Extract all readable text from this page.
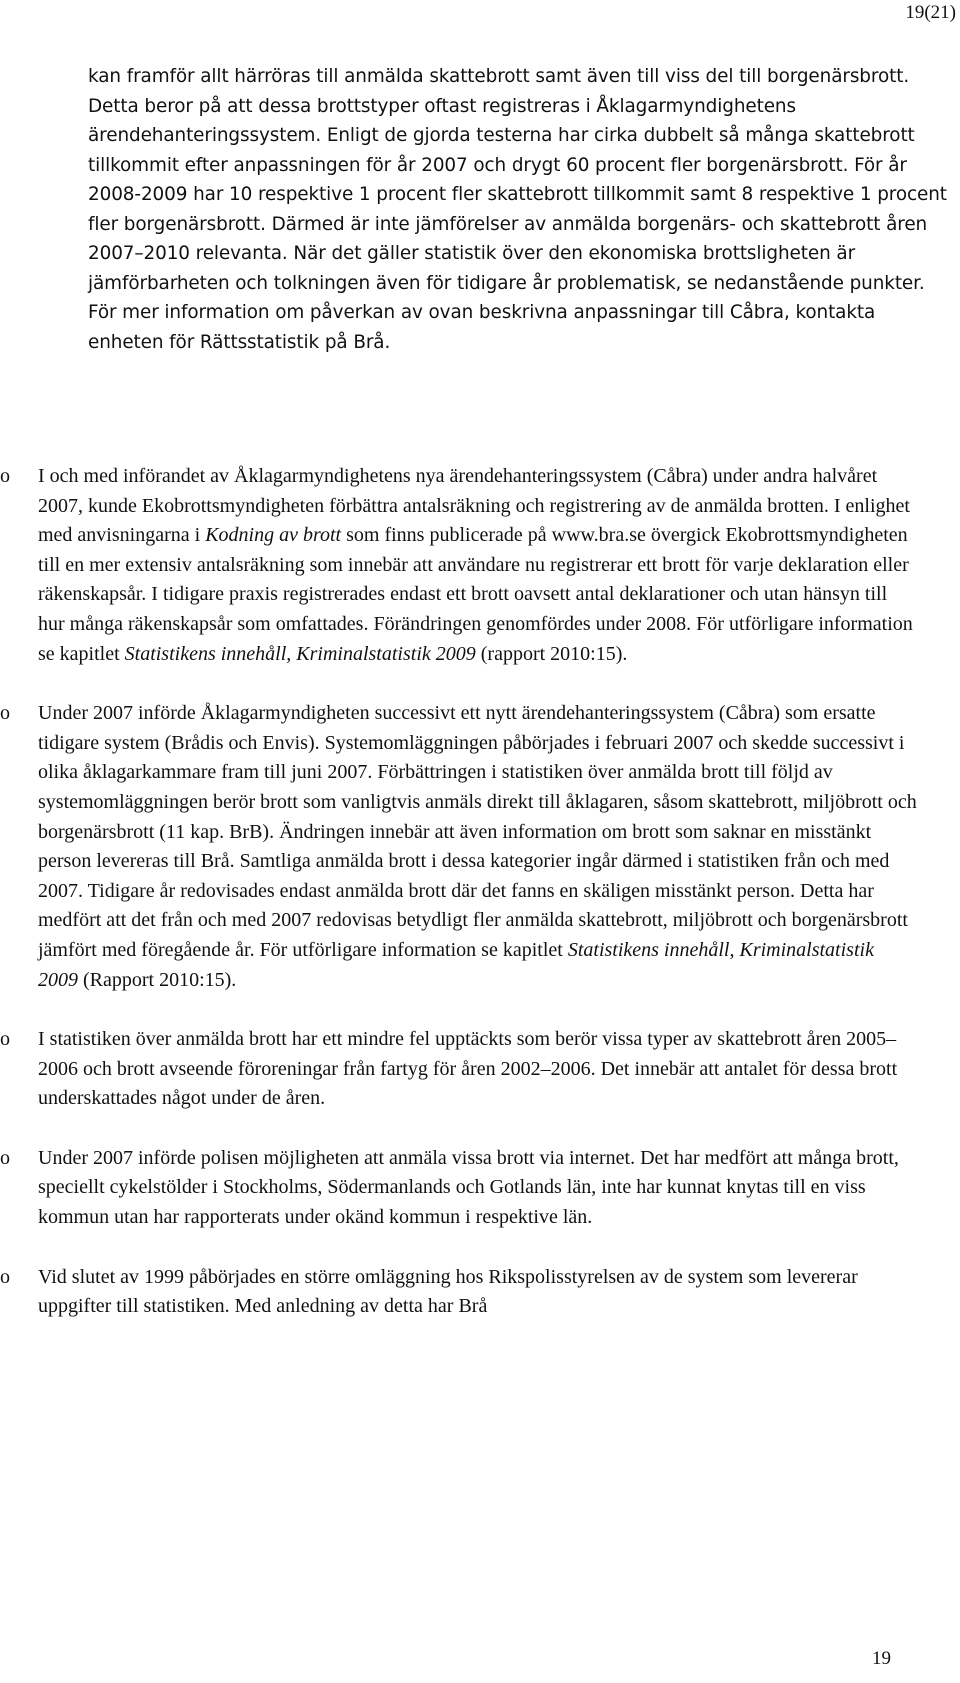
19(21)

kan framför allt härröras till anmälda skattebrott samt även till viss del till borgenärsbrott. Detta beror på att dessa brottstyper oftast registreras i Åklagarmyndighetens ärendehanteringssystem. Enligt de gjorda testerna har cirka dubbelt så många skattebrott tillkommit efter anpassningen för år 2007 och drygt 60 procent fler borgenärsbrott. För år 2008-2009 har 10 respektive 1 procent fler skattebrott tillkommit samt 8 respektive 1 procent fler borgenärsbrott. Därmed är inte jämförelser av anmälda borgenärs- och skattebrott åren 2007–2010 relevanta. När det gäller statistik över den ekonomiska brottsligheten är jämförbarheten och tolkningen även för tidigare år problematisk, se nedanstående punkter. För mer information om påverkan av ovan beskrivna anpassningar till Cåbra, kontakta enheten för Rättsstatistik på Brå.

o I och med införandet av Åklagarmyndighetens nya ärendehanteringssystem (Cåbra) under andra halvåret 2007, kunde Ekobrottsmyndigheten förbättra antalsräkning och registrering av de anmälda brotten. I enlighet med anvisningarna i Kodning av brott som finns publicerade på www.bra.se övergick Ekobrottsmyndigheten till en mer extensiv antalsräkning som innebär att användare nu registrerar ett brott för varje deklaration eller räkenskapsår. I tidigare praxis registrerades endast ett brott oavsett antal deklarationer och utan hänsyn till hur många räkenskapsår som omfattades. Förändringen genomfördes under 2008. För utförligare information se kapitlet Statistikens innehåll, Kriminalstatistik 2009 (rapport 2010:15).
o Under 2007 införde Åklagarmyndigheten successivt ett nytt ärendehanteringssystem (Cåbra) som ersatte tidigare system (Brådis och Envis). Systemomläggningen påbörjades i februari 2007 och skedde successivt i olika åklagarkammare fram till juni 2007. Förbättringen i statistiken över anmälda brott till följd av systemomläggningen berör brott som vanligtvis anmäls direkt till åklagaren, såsom skattebrott, miljöbrott och borgenärsbrott (11 kap. BrB). Ändringen innebär att även information om brott som saknar en misstänkt person levereras till Brå. Samtliga anmälda brott i dessa kategorier ingår därmed i statistiken från och med 2007. Tidigare år redovisades endast anmälda brott där det fanns en skäligen misstänkt person. Detta har medfört att det från och med 2007 redovisas betydligt fler anmälda skattebrott, miljöbrott och borgenärsbrott jämfört med föregående år. För utförligare information se kapitlet Statistikens innehåll, Kriminalstatistik 2009 (Rapport 2010:15).
o I statistiken över anmälda brott har ett mindre fel upptäckts som berör vissa typer av skattebrott åren 2005–2006 och brott avseende föroreningar från fartyg för åren 2002–2006. Det innebär att antalet för dessa brott underskattades något under de åren.
o Under 2007 införde polisen möjligheten att anmäla vissa brott via internet. Det har medfört att många brott, speciellt cykelstölder i Stockholms, Södermanlands och Gotlands län, inte har kunnat knytas till en viss kommun utan har rapporterats under okänd kommun i respektive län.
o Vid slutet av 1999 påbörjades en större omläggning hos Rikspolisstyrelsen av de system som levererar uppgifter till statistiken. Med anledning av detta har Brå
19
